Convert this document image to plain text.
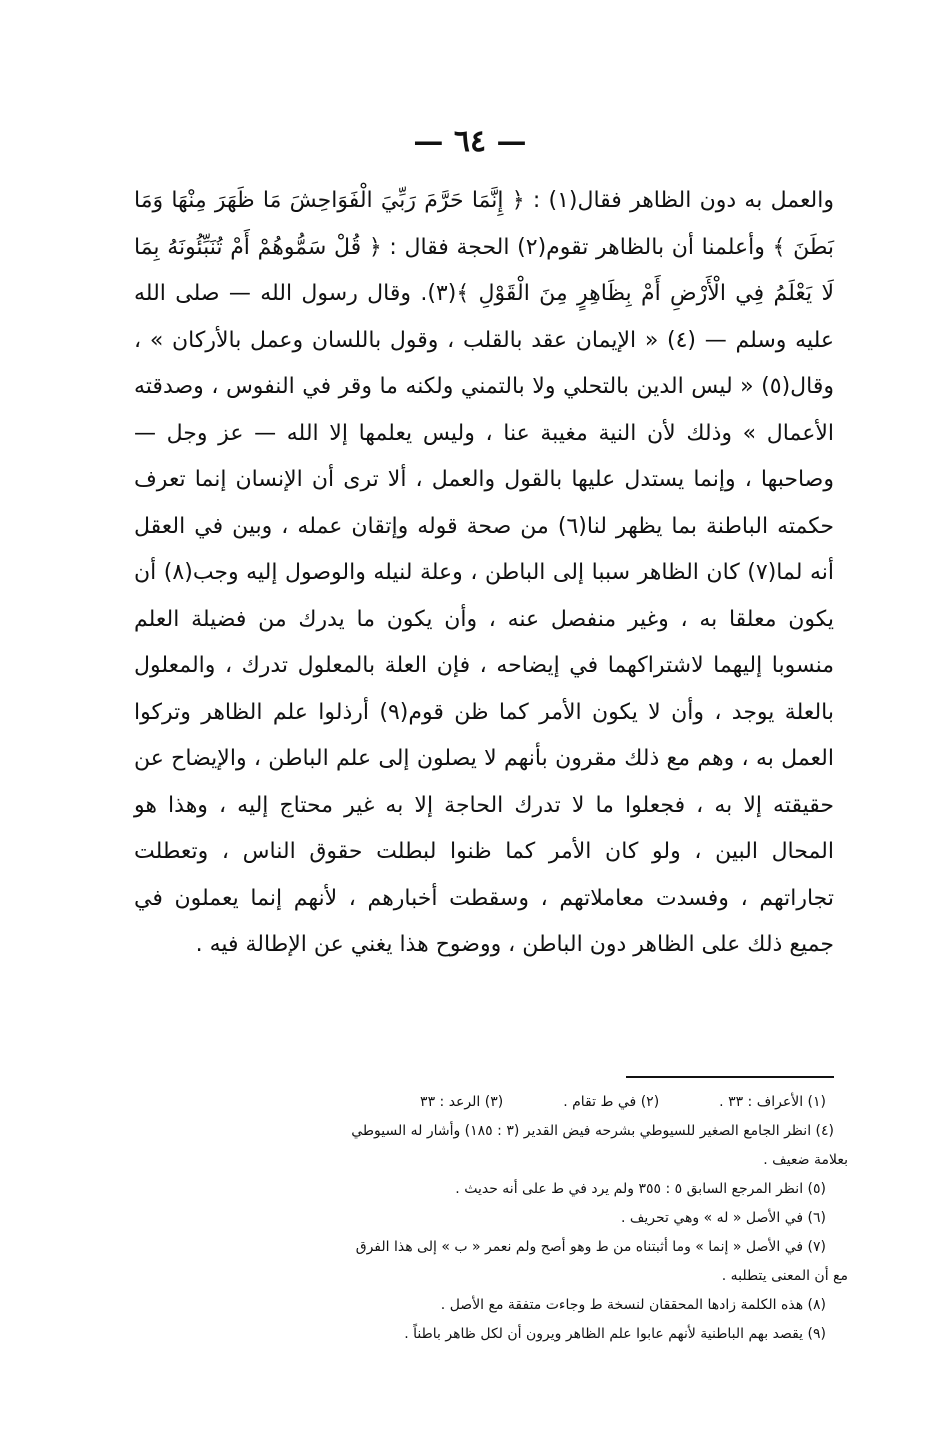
— ٦٤ —

والعمل به دون الظاهر فقال(١) : ﴿ إِنَّمَا حَرَّمَ رَبِّيَ الْفَوَاحِشَ مَا ظَهَرَ مِنْهَا وَمَا بَطَنَ ﴾ وأعلمنا أن بالظاهر تقوم(٢) الحجة فقال : ﴿ قُلْ سَمُّوهُمْ أَمْ تُنَبِّئُونَهُ بِمَا لَا يَعْلَمُ فِي الْأَرْضِ أَمْ بِظَاهِرٍ مِنَ الْقَوْلِ ﴾(٣). وقال رسول الله — صلى الله عليه وسلم — (٤) « الإيمان عقد بالقلب ، وقول باللسان وعمل بالأركان » ، وقال(٥) « ليس الدين بالتحلي ولا بالتمني ولكنه ما وقر في النفوس ، وصدقته الأعمال » وذلك لأن النية مغيبة عنا ، وليس يعلمها إلا الله — عز وجل — وصاحبها ، وإنما يستدل عليها بالقول والعمل ، ألا ترى أن الإنسان إنما تعرف حكمته الباطنة بما يظهر لنا(٦) من صحة قوله وإتقان عمله ، وبين في العقل أنه لما(٧) كان الظاهر سببا إلى الباطن ، وعلة لنيله والوصول إليه وجب(٨) أن يكون معلقا به ، وغير منفصل عنه ، وأن يكون ما يدرك من فضيلة العلم منسوبا إليهما لاشتراكهما في إيضاحه ، فإن العلة بالمعلول تدرك ، والمعلول بالعلة يوجد ، وأن لا يكون الأمر كما ظن قوم(٩) أرذلوا علم الظاهر وتركوا العمل به ، وهم مع ذلك مقرون بأنهم لا يصلون إلى علم الباطن ، والإيضاح عن حقيقته إلا به ، فجعلوا ما لا تدرك الحاجة إلا به غير محتاج إليه ، وهذا هو المحال البين ، ولو كان الأمر كما ظنوا لبطلت حقوق الناس ، وتعطلت تجاراتهم ، وفسدت معاملاتهم ، وسقطت أخبارهم ، لأنهم إنما يعملون في جميع ذلك على الظاهر دون الباطن ، ووضوح هذا يغني عن الإطالة فيه .

(١) الأعراف : ٣٣ .
(٢) في ط تقام .
(٣) الرعد : ٣٣

(٤) انظر الجامع الصغير للسيوطي بشرحه فيض القدير (٣ : ١٨٥) وأشار له السيوطي

بعلامة ضعيف .

(٥) انظر المرجع السابق ٥ : ٣٥٥ ولم يرد في ط على أنه حديث .

(٦) في الأصل « له » وهي تحريف .

(٧) في الأصل « إنما » وما أثبتناه من ط وهو أصح ولم نعمر « ب » إلى هذا الفرق

مع أن المعنى يتطلبه .

(٨) هذه الكلمة زادها المحققان لنسخة ط وجاءت متفقة مع الأصل .

(٩) يقصد بهم الباطنية لأنهم عابوا علم الظاهر ويرون أن لكل ظاهر باطناً .
